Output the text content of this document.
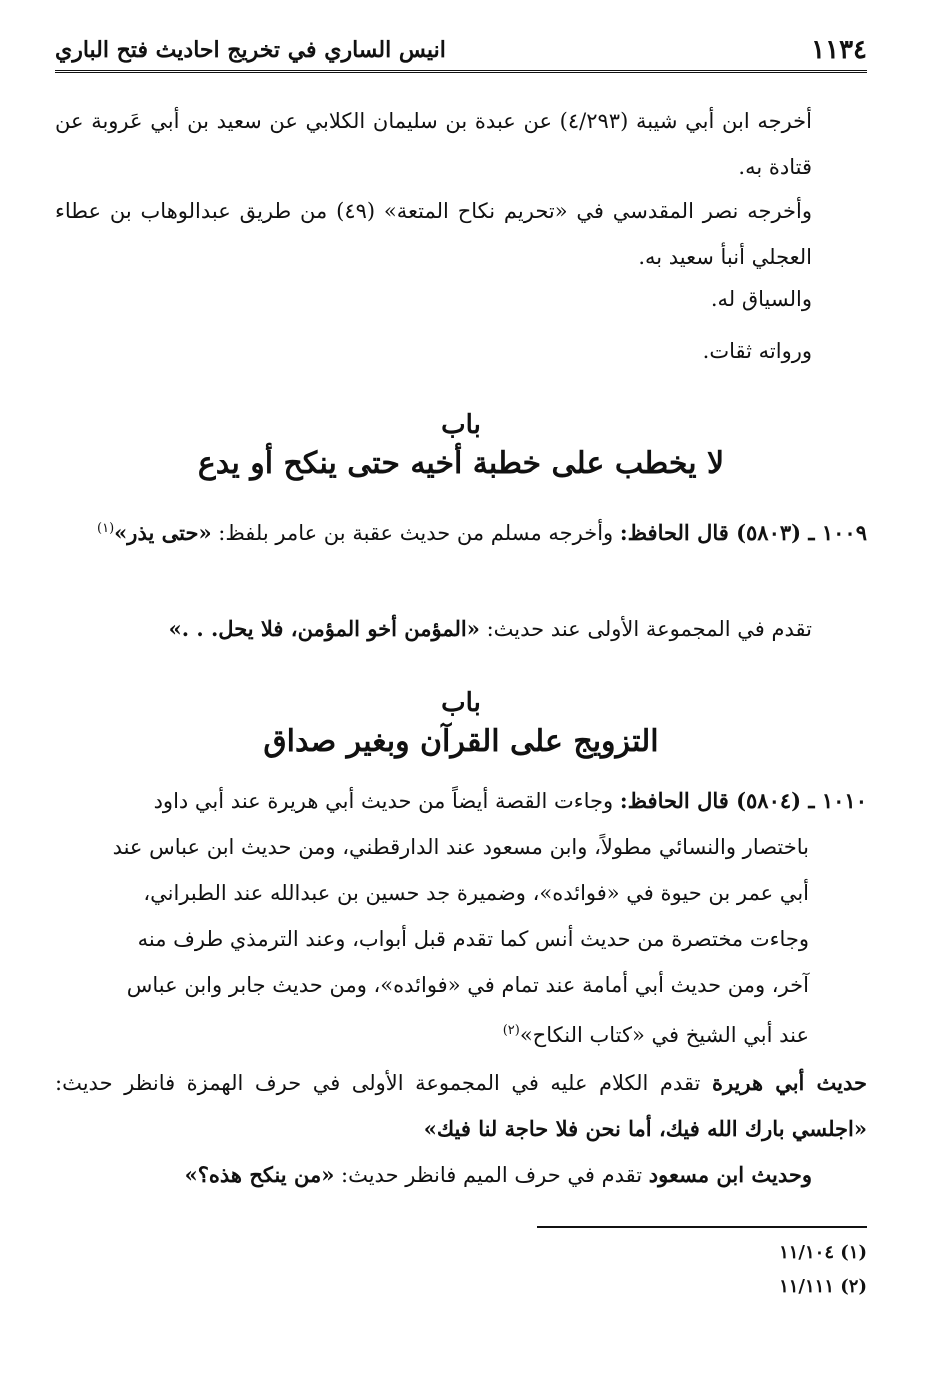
١١٣٤
انيس الساري في تخريج احاديث فتح الباري
أخرجه ابن أبي شيبة (٤/٢٩٣) عن عبدة بن سليمان الكلابي عن سعيد بن أبي عَروبة عن قتادة به.
وأخرجه نصر المقدسي في «تحريم نكاح المتعة» (٤٩) من طريق عبدالوهاب بن عطاء العجلي أنبأ سعيد به.
والسياق له.
ورواته ثقات.
باب
لا يخطب على خطبة أخيه حتى ينكح أو يدع
١٠٠٩ ـ (٥٨٠٣) قال الحافظ: وأخرجه مسلم من حديث عقبة بن عامر بلفظ: «حتى يذر»$^{(١)}$
تقدم في المجموعة الأولى عند حديث: «المؤمن أخو المؤمن، فلا يحل. . .»
باب
التزويج على القرآن وبغير صداق
١٠١٠ ـ (٥٨٠٤) قال الحافظ: وجاءت القصة أيضاً من حديث أبي هريرة عند أبي داود
باختصار والنسائي مطولاً، وابن مسعود عند الدارقطني، ومن حديث ابن عباس عند
أبي عمر بن حيوة في «فوائده»، وضميرة جد حسين بن عبدالله عند الطبراني،
وجاءت مختصرة من حديث أنس كما تقدم قبل أبواب، وعند الترمذي طرف منه
آخر، ومن حديث أبي أمامة عند تمام في «فوائده»، ومن حديث جابر وابن عباس
عند أبي الشيخ في «كتاب النكاح»$^{(٢)}$
حديث أبي هريرة تقدم الكلام عليه في المجموعة الأولى في حرف الهمزة فانظر حديث: «اجلسي بارك الله فيك، أما نحن فلا حاجة لنا فيك»
وحديث ابن مسعود تقدم في حرف الميم فانظر حديث: «من ينكح هذه؟»
(١) ١١/١٠٤
(٢) ١١/١١١
